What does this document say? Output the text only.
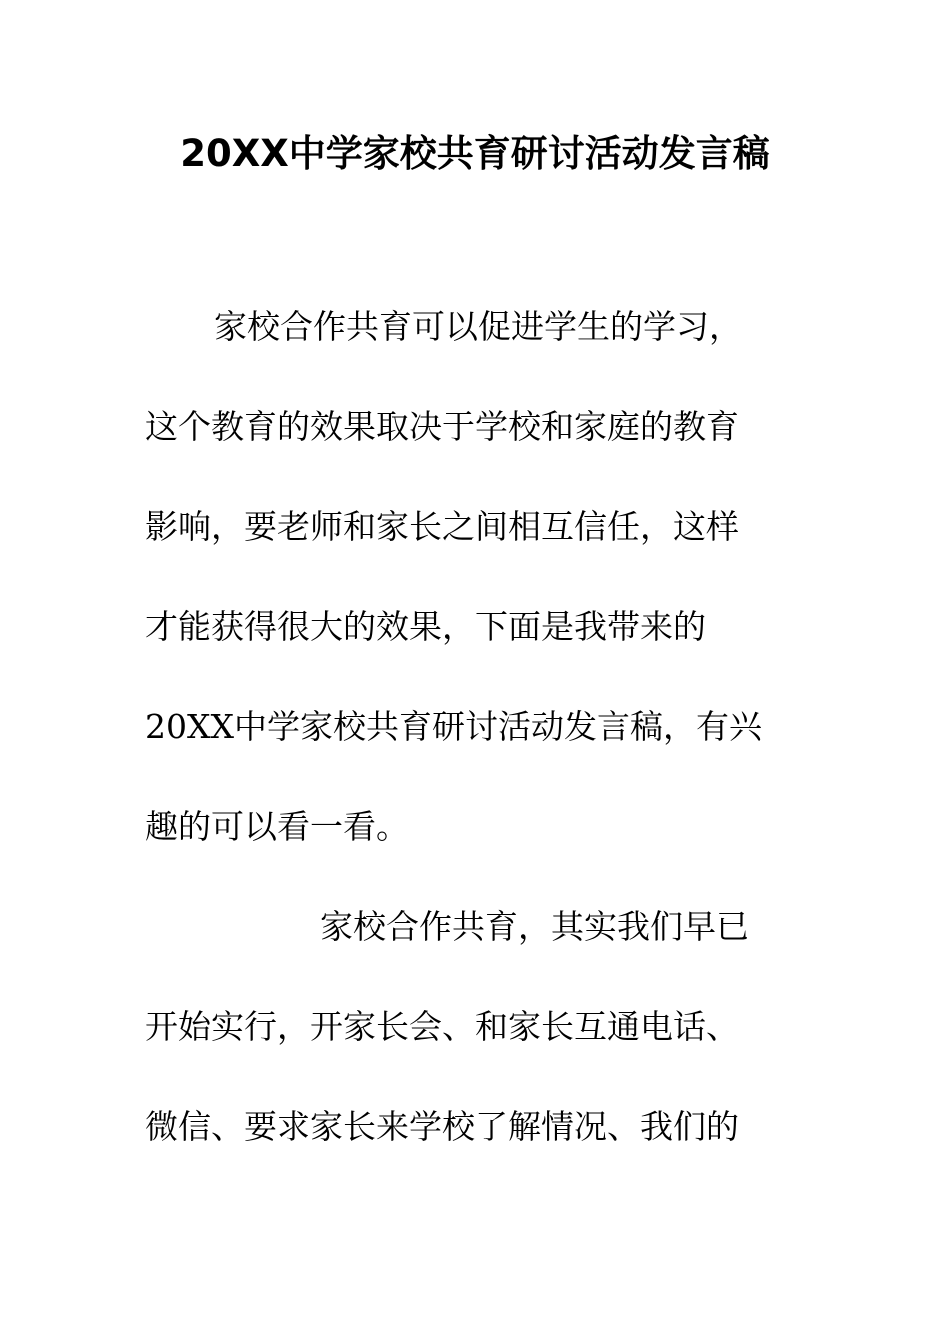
20XX中学家校共育研讨活动发言稿
家校合作共育可以促进学生的学习，
这个教育的效果取决于学校和家庭的教育
影响，要老师和家长之间相互信任，这样
才能获得很大的效果，下面是我带来的
20XX中学家校共育研讨活动发言稿，有兴
趣的可以看一看。
家校合作共育，其实我们早已
开始实行，开家长会、和家长互通电话、
微信、要求家长来学校了解情况、我们的
